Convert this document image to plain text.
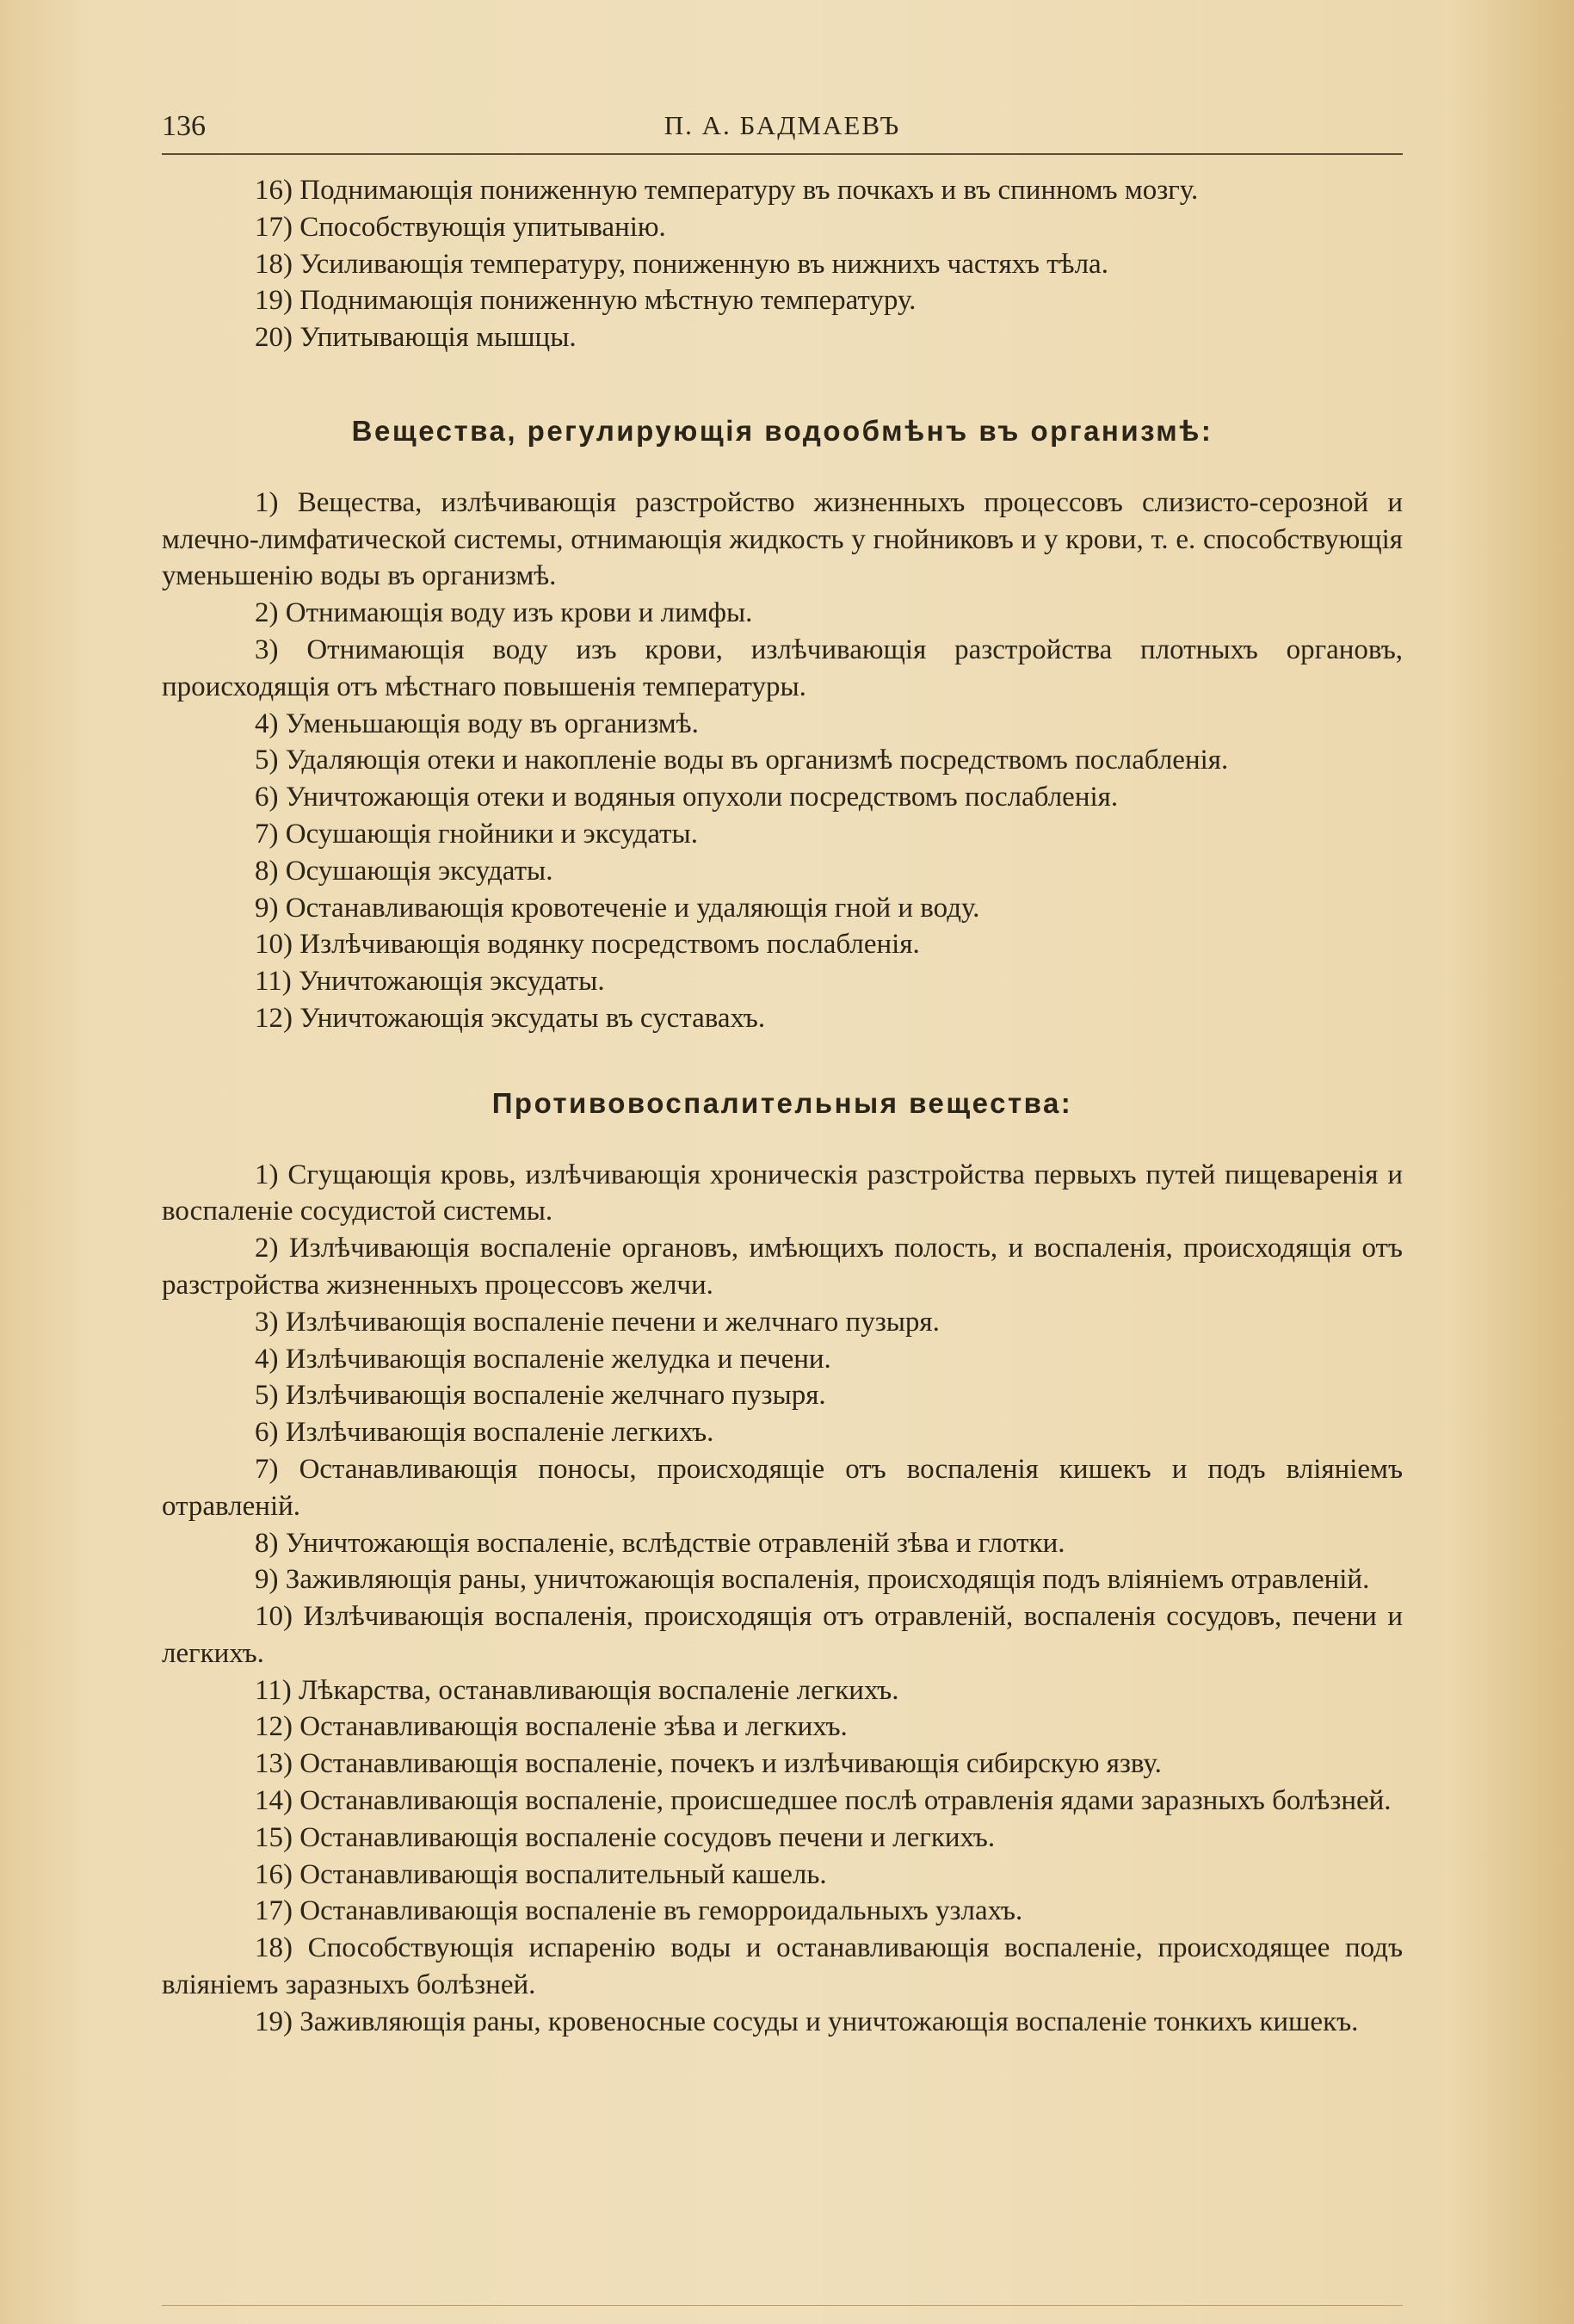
136	П. А. БАДМАЕВЪ

16) Поднимающія пониженную температуру въ почкахъ и въ спинномъ мозгу.

17) Способствующія упитыванію.

18) Усиливающія температуру, пониженную въ нижнихъ частяхъ тѣла.

19) Поднимающія пониженную мѣстную температуру.

20) Упитывающія мышцы.

Вещества, регулирующія водообмѣнъ въ организмѣ:

1) Вещества, излѣчивающія разстройство жизненныхъ процессовъ слизисто-серозной и млечно-лимфатической системы, отнимающія жидкость у гнойниковъ и у крови, т. е. способствующія уменьшенію воды въ организмѣ.

2) Отнимающія воду изъ крови и лимфы.

3) Отнимающія воду изъ крови, излѣчивающія разстройства плотныхъ органовъ, происходящія отъ мѣстнаго повышенія температуры.

4) Уменьшающія воду въ организмѣ.

5) Удаляющія отеки и накопленіе воды въ организмѣ посредствомъ послабленія.

6) Уничтожающія отеки и водяныя опухоли посредствомъ послабленія.

7) Осушающія гнойники и эксудаты.

8) Осушающія эксудаты.

9) Останавливающія кровотеченіе и удаляющія гной и воду.

10) Излѣчивающія водянку посредствомъ послабленія.

11) Уничтожающія эксудаты.

12) Уничтожающія эксудаты въ суставахъ.

Противовоспалительныя вещества:

1) Сгущающія кровь, излѣчивающія хроническія разстройства первыхъ путей пищеваренія и воспаленіе сосудистой системы.

2) Излѣчивающія воспаленіе органовъ, имѣющихъ полость, и воспаленія, происходящія отъ разстройства жизненныхъ процессовъ желчи.

3) Излѣчивающія воспаленіе печени и желчнаго пузыря.

4) Излѣчивающія воспаленіе желудка и печени.

5) Излѣчивающія воспаленіе желчнаго пузыря.

6) Излѣчивающія воспаленіе легкихъ.

7) Останавливающія поносы, происходящіе отъ воспаленія кишекъ и подъ вліяніемъ отравленій.

8) Уничтожающія воспаленіе, вслѣдствіе отравленій зѣва и глотки.

9) Заживляющія раны, уничтожающія воспаленія, происходящія подъ вліяніемъ отравленій.

10) Излѣчивающія воспаленія, происходящія отъ отравленій, воспаленія сосудовъ, печени и легкихъ.

11) Лѣкарства, останавливающія воспаленіе легкихъ.

12) Останавливающія воспаленіе зѣва и легкихъ.

13) Останавливающія воспаленіе, почекъ и излѣчивающія сибирскую язву.

14) Останавливающія воспаленіе, происшедшее послѣ отравленія ядами заразныхъ болѣзней.

15) Останавливающія воспаленіе сосудовъ печени и легкихъ.

16) Останавливающія воспалительный кашель.

17) Останавливающія воспаленіе въ геморроидальныхъ узлахъ.

18) Способствующія испаренію воды и останавливающія воспаленіе, происходящее подъ вліяніемъ заразныхъ болѣзней.

19) Заживляющія раны, кровеносные сосуды и уничтожающія воспаленіе тонкихъ кишекъ.
